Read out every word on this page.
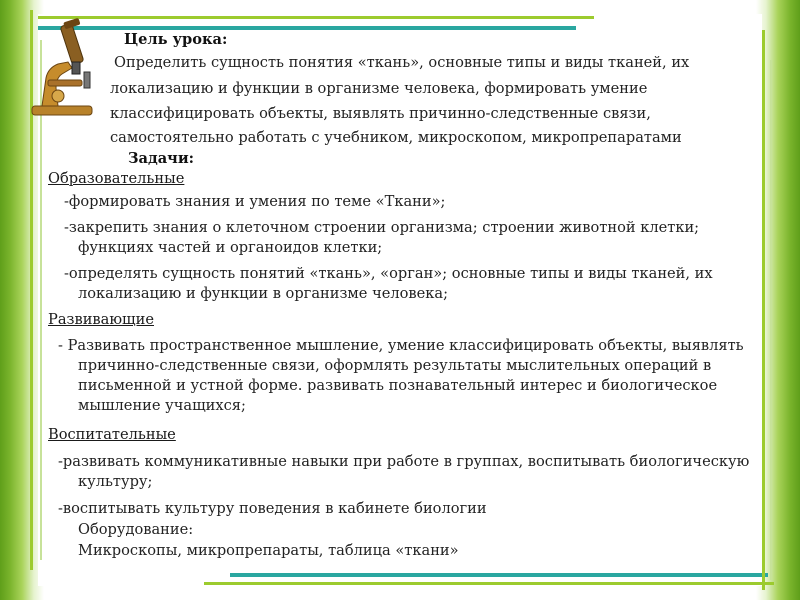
Цель урока:
Определить сущность понятия «ткань», основные типы и виды тканей, их
локализацию и функции в организме человека, формировать умение
классифицировать объекты, выявлять причинно-следственные связи,
самостоятельно работать с учебником, микроскопом, микропрепаратами
Задачи:
Образовательные
-формировать знания и умения по теме «Ткани»;
-закрепить знания о клеточном строении организма; строении животной клетки; функциях частей и органоидов клетки;
-определять сущность понятий «ткань», «орган»; основные типы и виды тканей, их локализацию и функции в организме человека;
Развивающие
- Развивать пространственное мышление, умение классифицировать объекты, выявлять причинно-следственные связи, оформлять результаты мыслительных операций в письменной и устной форме. развивать познавательный интерес и биологическое мышление учащихся;
Воспитательные
-развивать коммуникативные навыки при работе в группах, воспитывать биологическую культуру;
-воспитывать культуру поведения в кабинете биологии
Оборудование:
Микроскопы, микропрепараты, таблица «ткани»
